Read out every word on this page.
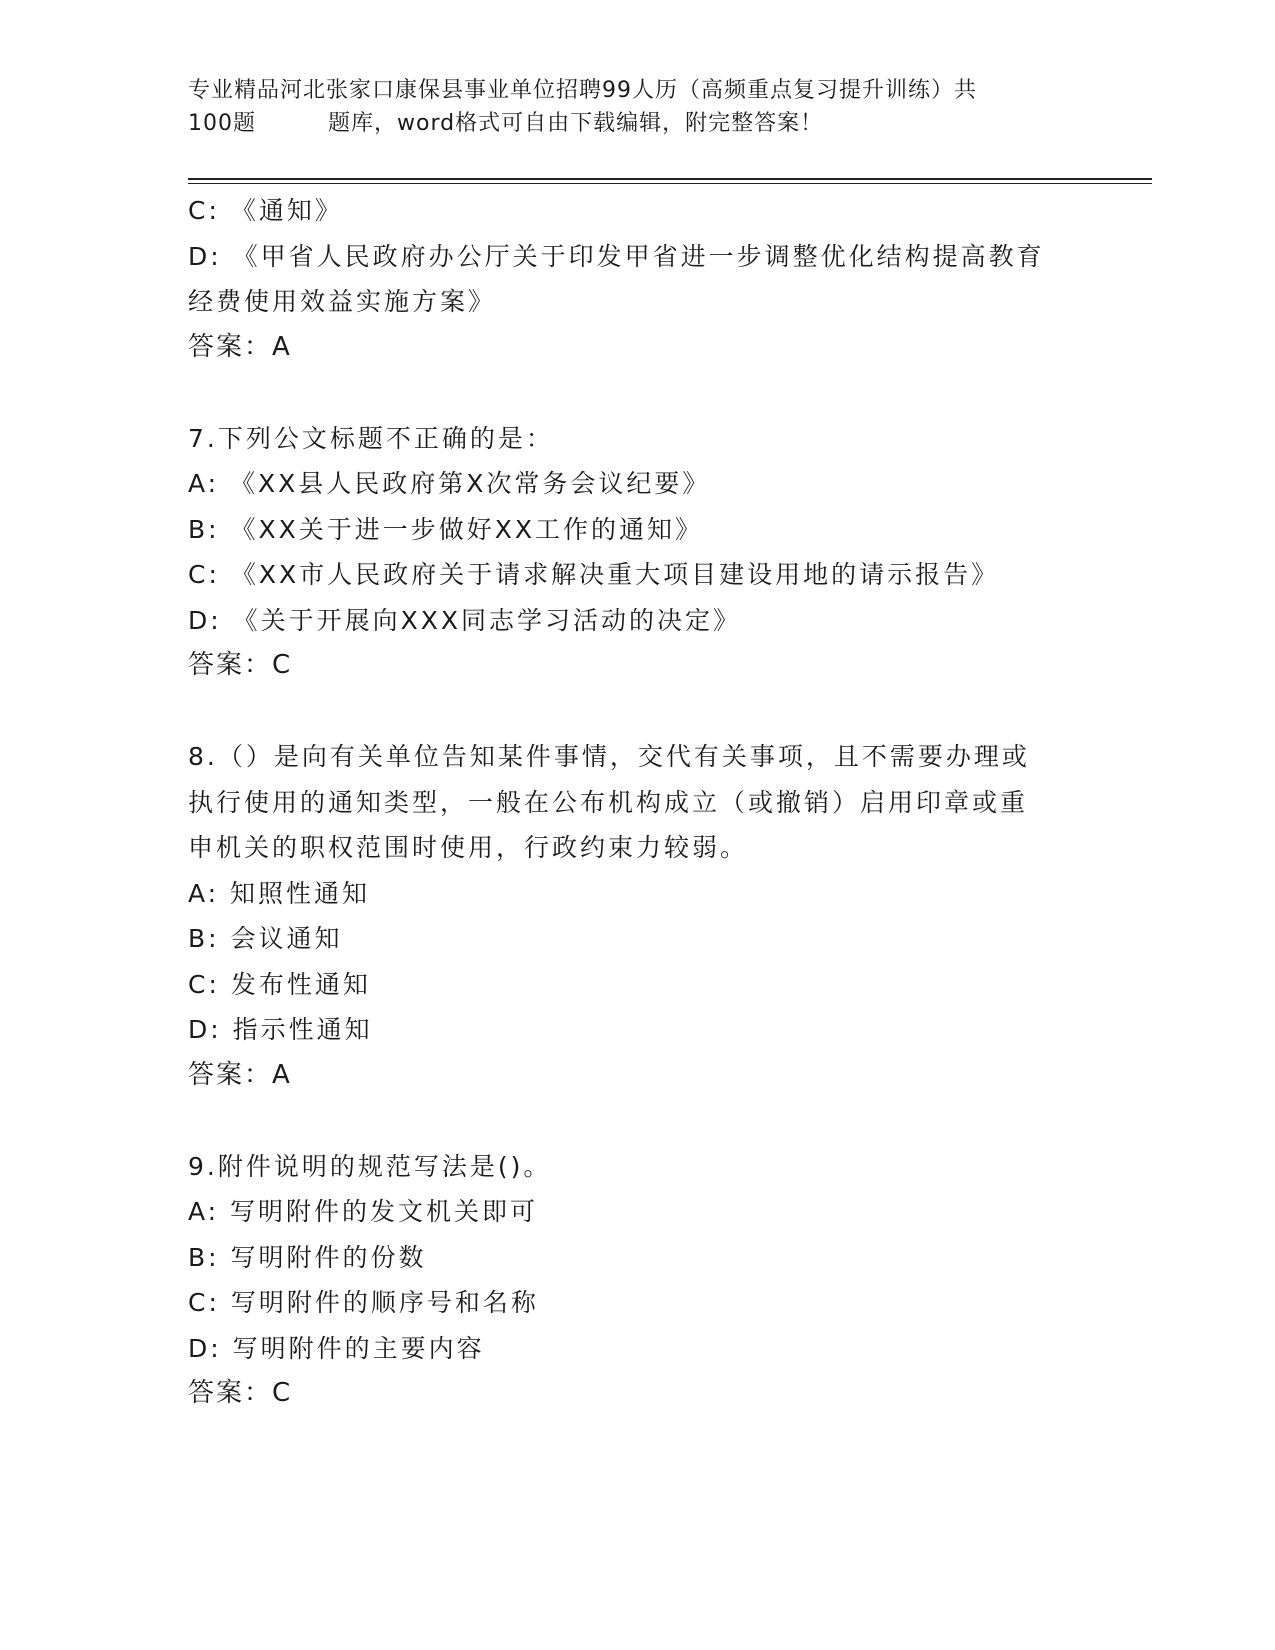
专业精品河北张家口康保县事业单位招聘99人历（高频重点复习提升训练）共
100题	题库，word格式可自由下载编辑，附完整答案！
C: 《通知》
D: 《甲省人民政府办公厅关于印发甲省进一步调整优化结构提高教育
经费使用效益实施方案》
答案：A
7.下列公文标题不正确的是：
A: 《XX县人民政府第X次常务会议纪要》
B: 《XX关于进一步做好XX工作的通知》
C: 《XX市人民政府关于请求解决重大项目建设用地的请示报告》
D: 《关于开展向XXX同志学习活动的决定》
答案：C
8.（）是向有关单位告知某件事情，交代有关事项，且不需要办理或
执行使用的通知类型，一般在公布机构成立（或撤销）启用印章或重
申机关的职权范围时使用，行政约束力较弱。
A: 知照性通知
B: 会议通知
C: 发布性通知
D: 指示性通知
答案：A
9.附件说明的规范写法是()。
A: 写明附件的发文机关即可
B: 写明附件的份数
C: 写明附件的顺序号和名称
D: 写明附件的主要内容
答案：C
